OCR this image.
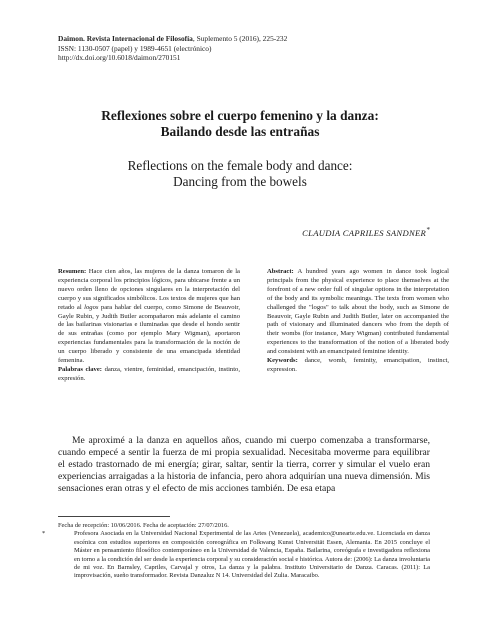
Daimon. Revista Internacional de Filosofía, Suplemento 5 (2016), 225-232
ISSN: 1130-0507 (papel) y 1989-4651 (electrónico)
http://dx.doi.org/10.6018/daimon/270151
Reflexiones sobre el cuerpo femenino y la danza:
Bailando desde las entrañas
Reflections on the female body and dance:
Dancing from the bowels
CLAUDIA CAPRILES SANDNER*

Resumen: Hace cien años, las mujeres de la danza tomaron de la experiencia corporal los principios lógicos, para ubicarse frente a un nuevo orden lleno de opciones singulares en la interpretación del cuerpo y sus significados simbólicos. Los textos de mujeres que han retado al logos para hablar del cuerpo, como Simone de Beauvoir, Gayle Rubin, y Judith Butler acompañaron más adelante el camino de las bailarinas visionarias e iluminadas que desde el hondo sentir de sus entrañas (como por ejemplo Mary Wigman), aportaron experiencias fundamentales para la transformación de la noción de un cuerpo liberado y consistente de una emancipada identidad femenina.

Palabras clave: danza, vientre, feminidad, emancipación, instinto, expresión.

Abstract: A hundred years ago women in dance took logical principals from the physical experience to place themselves at the forefront of a new order full of singular options in the interpretation of the body and its symbolic meanings. The texts from women who challenged the "logos" to talk about the body, such as Simone de Beauvoir, Gayle Rubin and Judith Butler, later on accompanied the path of visionary and illuminated dancers who from the depth of their wombs (for instance, Mary Wigman) contributed fundamental experiences to the transformation of the notion of a liberated body and consistent with an emancipated feminine identity.

Keywords: dance, womb, feminity, emancipation, instinct, expression.

Me aproximé a la danza en aquellos años, cuando mi cuerpo comenzaba a transformarse, cuando empecé a sentir la fuerza de mi propia sexualidad. Necesitaba moverme para equilibrar el estado trastornado de mi energía; girar, saltar, sentir la tierra, correr y simular el vuelo eran experiencias arraigadas a la historia de infancia, pero ahora adquirían una nueva dimensión. Mis sensaciones eran otras y el efecto de mis acciones también. De esa etapa

Fecha de recepción: 10/06/2016. Fecha de aceptación: 27/07/2016.

*	Profesora Asociada en la Universidad Nacional Experimental de las Artes (Venezuela), academico@unearte.edu.ve. Licenciada en danza escénica con estudios superiores en composición coreográfica en Folkwang Kunst Universität Essen, Alemania. En 2015 concluye el Máster en pensamiento filosófico contemporáneo en la Universidad de Valencia, España. Bailarina, coreógrafa e investigadora reflexiona en torno a la condición del ser desde la experiencia corporal y su consideración social e histórica. Autora de: (2006): La danza involuntaria de mi voz. En Barnsley, Capriles, Carvajal y otros, La danza y la palabra. Instituto Universitario de Danza. Caracas. (2011): La improvisación, sueño transformador. Revista Danzaluz N 14. Universidad del Zulia. Maracaibo.
